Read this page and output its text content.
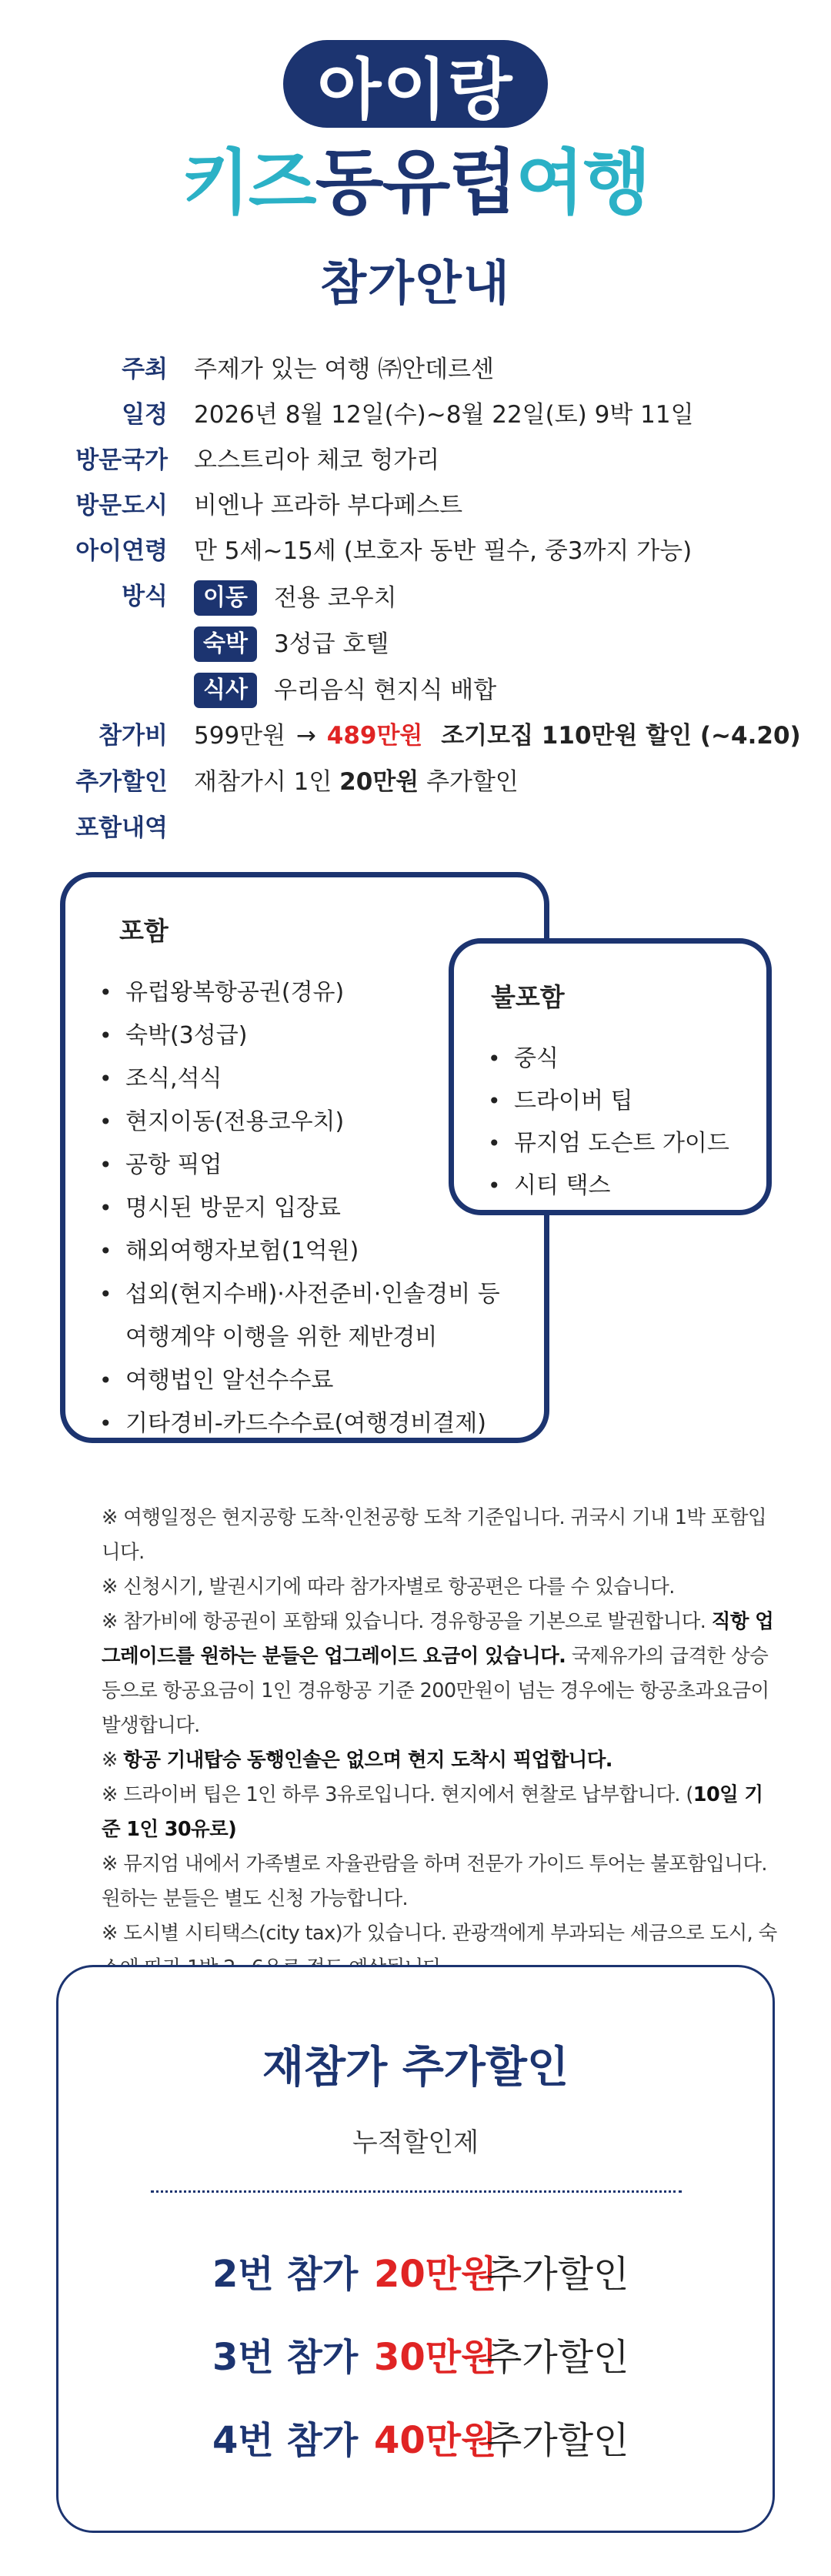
아이랑
키즈동유럽여행
참가안내
주최 주제가 있는 여행 ㈜안데르센
일정 2026년 8월 12일(수)~8월 22일(토) 9박 11일
방문국가 오스트리아 체코 헝가리
방문도시 비엔나 프라하 부다페스트
아이연령 만 5세~15세 (보호자 동반 필수, 중3까지 가능)
방식	이동 전용 코우치
숙박 3성급 호텔
식사 우리음식 현지식 배합
참가비 599만원 → 489만원 조기모집 110만원 할인 (~4.20)
추가할인 재참가시 1인 20만원 추가할인
포함내역
포함
• 유럽왕복항공권(경유)
• 숙박(3성급)
• 조식,석식
• 현지이동(전용코우치)
• 공항 픽업
• 명시된 방문지 입장료
• 해외여행자보험(1억원)
• 섭외(현지수배)·사전준비·인솔경비 등
여행계약 이행을 위한 제반경비
• 여행법인 알선수수료
• 기타경비-카드수수료(여행경비결제)
불포함
• 중식
• 드라이버 팁
• 뮤지엄 도슨트 가이드
• 시티 택스

※ 여행일정은 현지공항 도착·인천공항 도착 기준입니다. 귀국시 기내 1박 포함입니다.

※ 신청시기, 발권시기에 따라 참가자별로 항공편은 다를 수 있습니다.

※ 참가비에 항공권이 포함돼 있습니다. 경유항공을 기본으로 발권합니다. 직항 업그레이드를 원하는 분들은 업그레이드 요금이 있습니다. 국제유가의 급격한 상승 등으로 항공요금이 1인 경유항공 기준 200만원이 넘는 경우에는 항공초과요금이 발생합니다.

※ 항공 기내탑승 동행인솔은 없으며 현지 도착시 픽업합니다.

※ 드라이버 팁은 1인 하루 3유로입니다. 현지에서 현찰로 납부합니다. (10일 기준 1인 30유로)

※ 뮤지엄 내에서 가족별로 자율관람을 하며 전문가 가이드 투어는 불포함입니다. 원하는 분들은 별도 신청 가능합니다.

※ 도시별 시티택스(city tax)가 있습니다. 관광객에게 부과되는 세금으로 도시, 숙

재참가 추가할인
누적할인제
2번 참가 20만원추가할인
3번 참가 30만원추가할인
4번 참가 40만원추가할인
